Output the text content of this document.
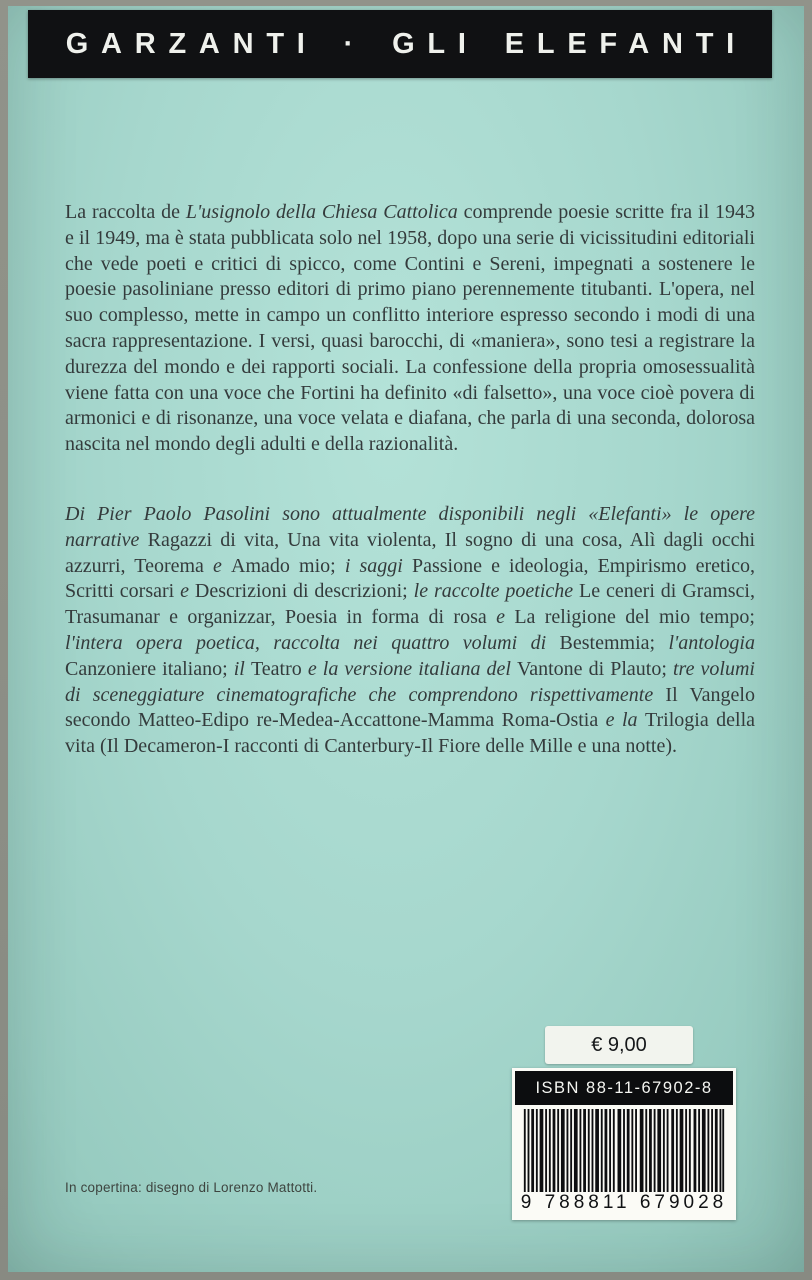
GARZANTI · GLI ELEFANTI

La raccolta de L'usignolo della Chiesa Cattolica comprende poesie scritte fra il 1943 e il 1949, ma è stata pubblicata solo nel 1958, dopo una serie di vicissitudini editoriali che vede poeti e critici di spicco, come Contini e Sereni, impegnati a sostenere le poesie pasoliniane presso editori di primo piano perennemente titubanti. L'opera, nel suo complesso, mette in campo un conflitto interiore espresso secondo i modi di una sacra rappresentazione. I versi, quasi barocchi, di «maniera», sono tesi a registrare la durezza del mondo e dei rapporti sociali. La confessione della propria omosessualità viene fatta con una voce che Fortini ha definito «di falsetto», una voce cioè povera di armonici e di risonanze, una voce velata e diafana, che parla di una seconda, dolorosa nascita nel mondo degli adulti e della razionalità.

Di Pier Paolo Pasolini sono attualmente disponibili negli «Elefanti» le opere narrative Ragazzi di vita, Una vita violenta, Il sogno di una cosa, Alì dagli occhi azzurri, Teorema e Amado mio; i saggi Passione e ideologia, Empirismo eretico, Scritti corsari e Descrizioni di descrizioni; le raccolte poetiche Le ceneri di Gramsci, Trasumanar e organizzar, Poesia in forma di rosa e La religione del mio tempo; l'intera opera poetica, raccolta nei quattro volumi di Bestemmia; l'antologia Canzoniere italiano; il Teatro e la versione italiana del Vantone di Plauto; tre volumi di sceneggiature cinematografiche che comprendono rispettivamente Il Vangelo secondo Matteo-Edipo re-Medea-Accattone-Mamma Roma-Ostia e la Trilogia della vita (Il Decameron-I racconti di Canterbury-Il Fiore delle Mille e una notte).

In copertina: disegno di Lorenzo Mattotti.
€ 9,00
ISBN 88-11-67902-8
9 788811 679028
